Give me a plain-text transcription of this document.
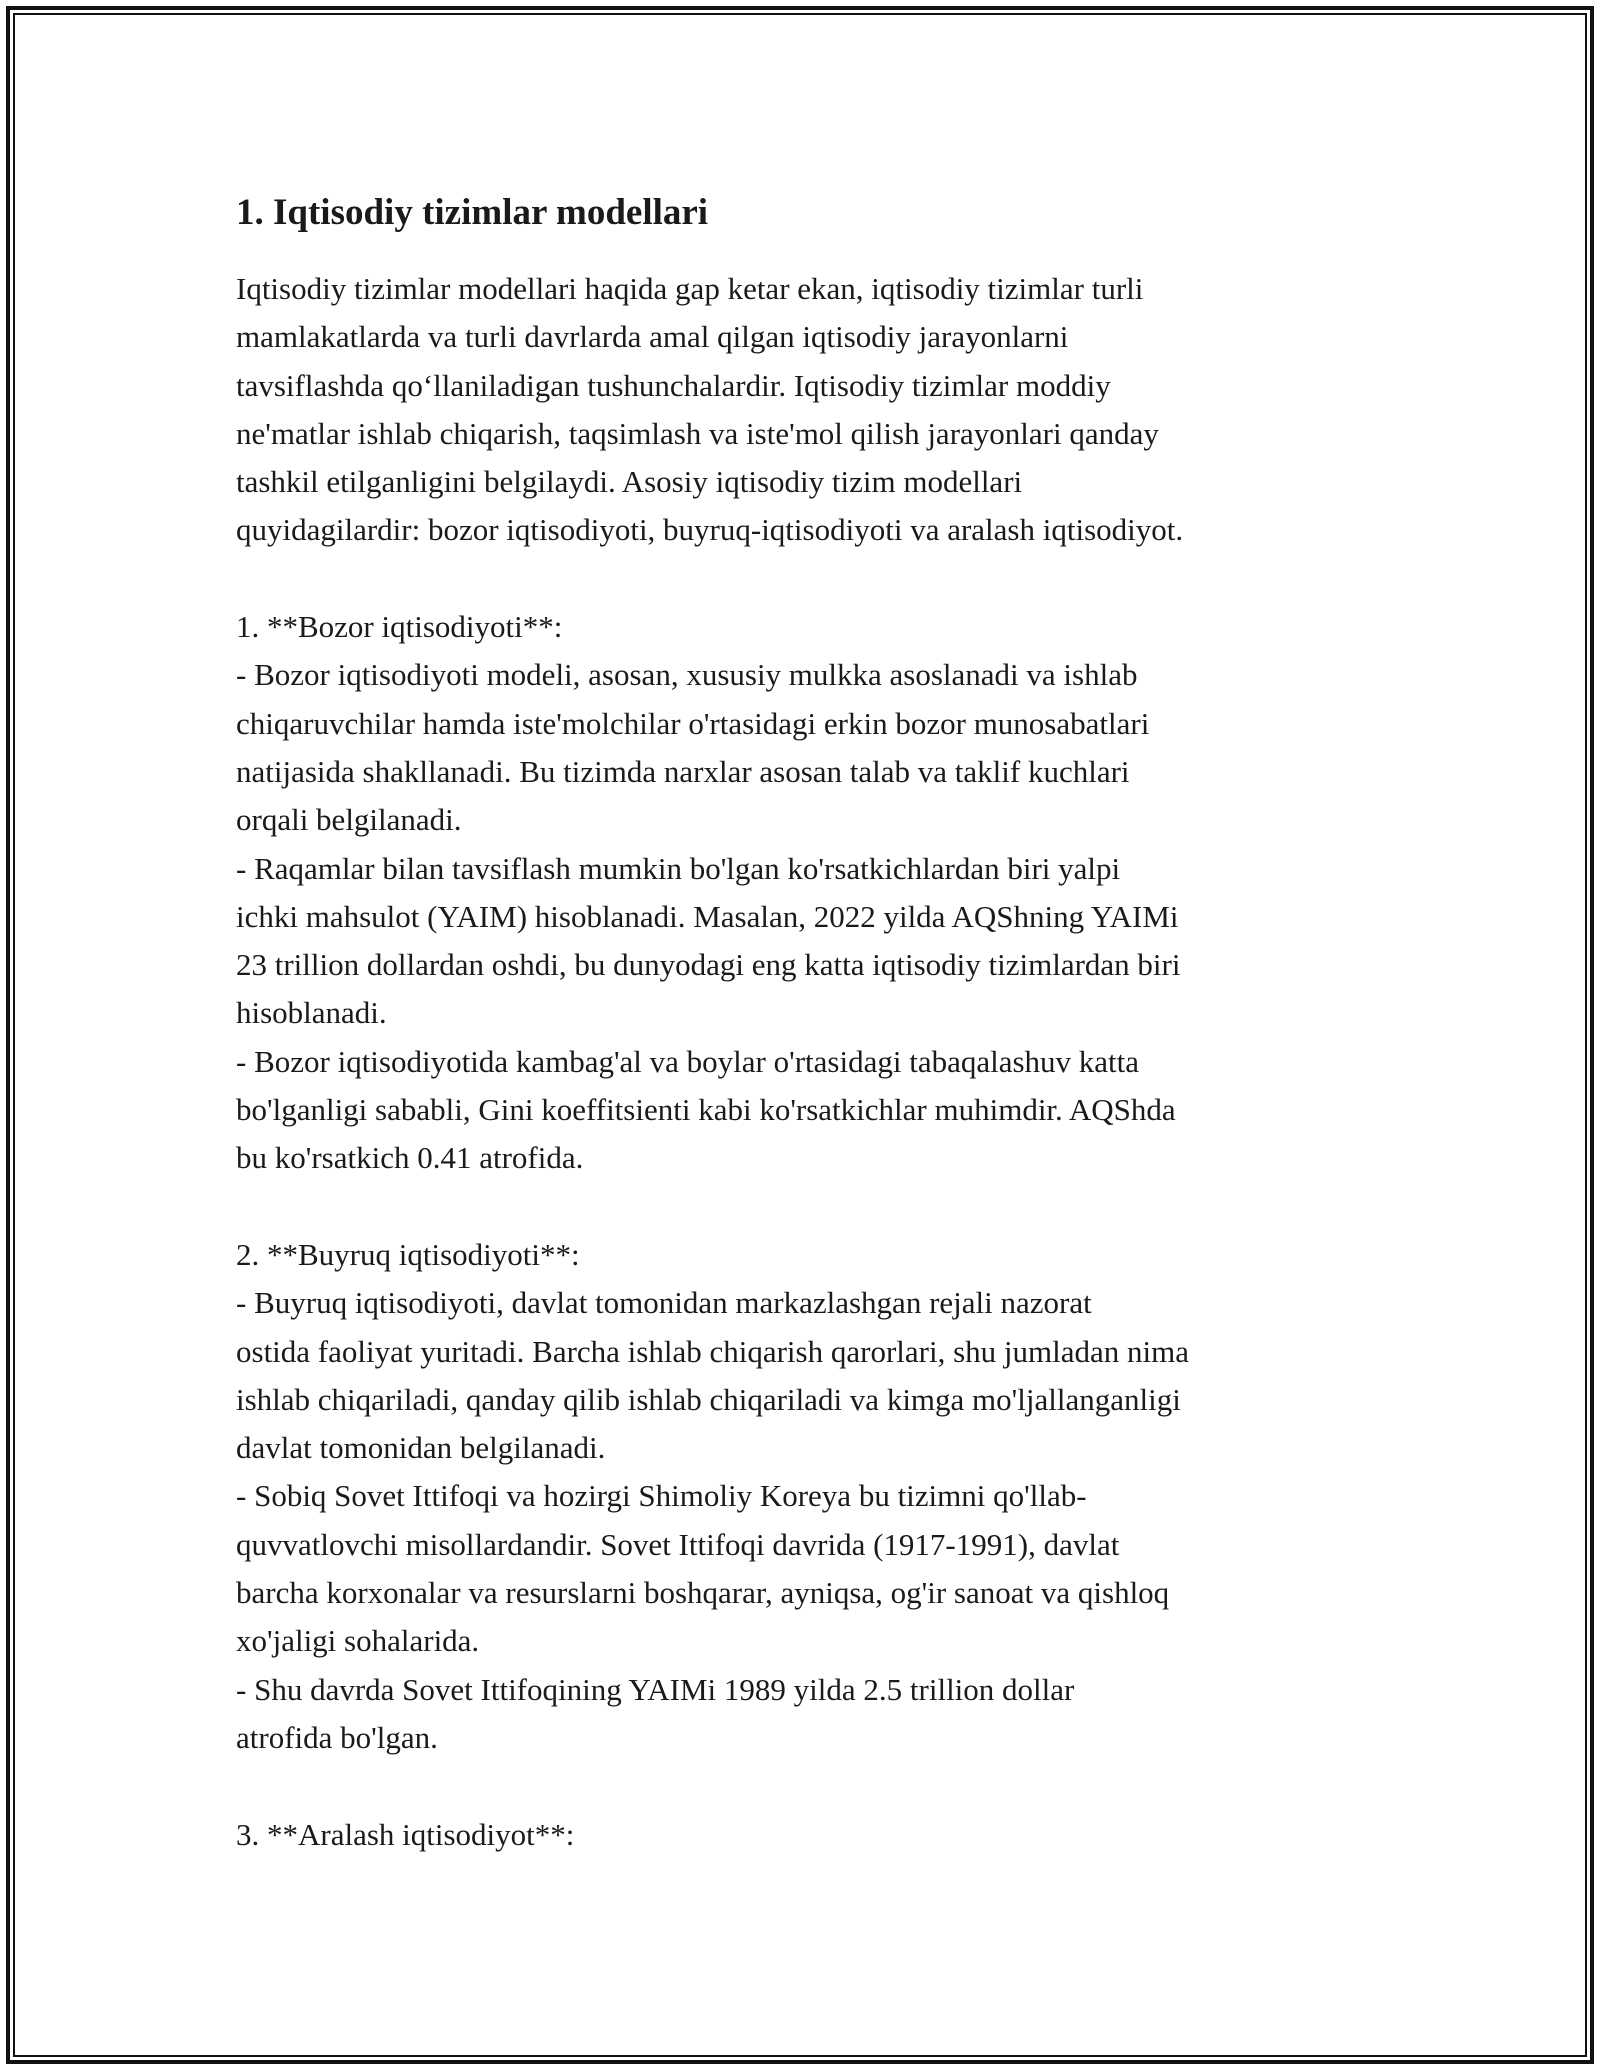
1. Iqtisodiy tizimlar modellari
Iqtisodiy tizimlar modellari haqida gap ketar ekan, iqtisodiy tizimlar turli
mamlakatlarda va turli davrlarda amal qilgan iqtisodiy jarayonlarni
tavsiflashda qoʻllaniladigan tushunchalardir. Iqtisodiy tizimlar moddiy
ne'matlar ishlab chiqarish, taqsimlash va iste'mol qilish jarayonlari qanday
tashkil etilganligini belgilaydi. Asosiy iqtisodiy tizim modellari
quyidagilardir: bozor iqtisodiyoti, buyruq-iqtisodiyoti va aralash iqtisodiyot.
1. **Bozor iqtisodiyoti**:
- Bozor iqtisodiyoti modeli, asosan, xususiy mulkka asoslanadi va ishlab
chiqaruvchilar hamda iste'molchilar o'rtasidagi erkin bozor munosabatlari
natijasida shakllanadi. Bu tizimda narxlar asosan talab va taklif kuchlari
orqali belgilanadi.
- Raqamlar bilan tavsiflash mumkin bo'lgan ko'rsatkichlardan biri yalpi
ichki mahsulot (YAIM) hisoblanadi. Masalan, 2022 yilda AQShning YAIMi
23 trillion dollardan oshdi, bu dunyodagi eng katta iqtisodiy tizimlardan biri
hisoblanadi.
- Bozor iqtisodiyotida kambag'al va boylar o'rtasidagi tabaqalashuv katta
bo'lganligi sababli, Gini koeffitsienti kabi ko'rsatkichlar muhimdir. AQShda
bu ko'rsatkich 0.41 atrofida.
2. **Buyruq iqtisodiyoti**:
- Buyruq iqtisodiyoti, davlat tomonidan markazlashgan rejali nazorat
ostida faoliyat yuritadi. Barcha ishlab chiqarish qarorlari, shu jumladan nima
ishlab chiqariladi, qanday qilib ishlab chiqariladi va kimga mo'ljallanganligi
davlat tomonidan belgilanadi.
- Sobiq Sovet Ittifoqi va hozirgi Shimoliy Koreya bu tizimni qo'llab-
quvvatlovchi misollardandir. Sovet Ittifoqi davrida (1917-1991), davlat
barcha korxonalar va resurslarni boshqarar, ayniqsa, og'ir sanoat va qishloq
xo'jaligi sohalarida.
- Shu davrda Sovet Ittifoqining YAIMi 1989 yilda 2.5 trillion dollar
atrofida bo'lgan.
3. **Aralash iqtisodiyot**:
